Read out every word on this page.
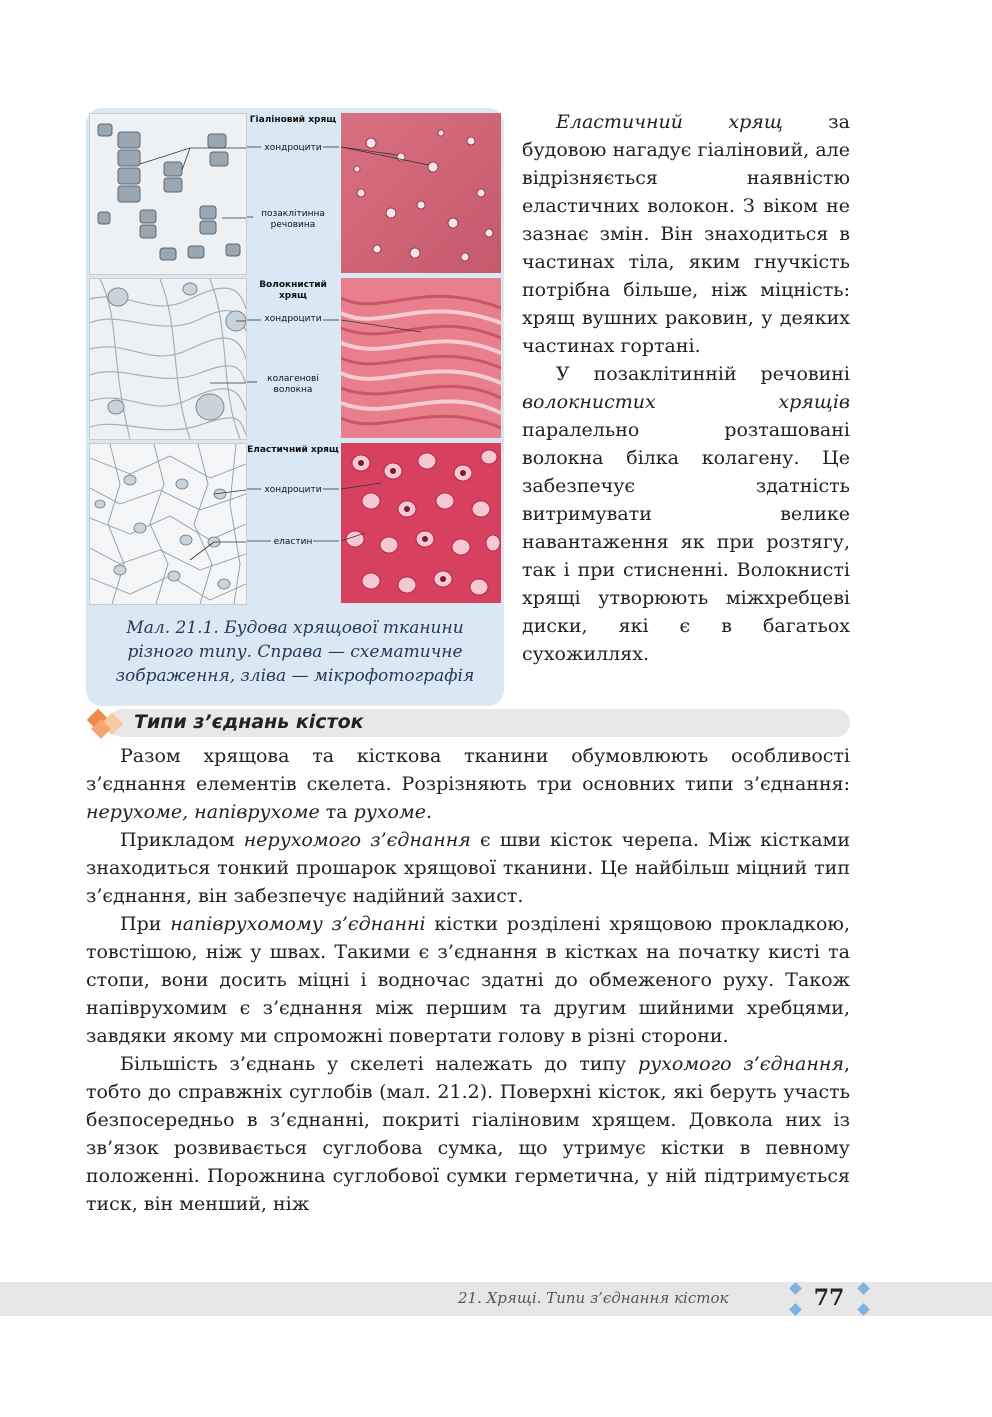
Гіаліновий хрящ
хондроцити
позаклітинна речовина
Волокнистий хрящ
хондроцити
колагенові волокна
Еластичний хрящ
хондроцити
еластин
Мал. 21.1. Будова хрящової тканини різного типу. Справа — схематичне зображення, зліва — мікрофотографія

Еластичний хрящ за будовою нагадує гіаліновий, але відрізняється наявністю еластичних волокон. З віком не зазнає змін. Він знаходиться в частинах тіла, яким гнучкість потрібна більше, ніж міцність: хрящ вушних раковин, у деяких частинах гортані.

У позаклітинній речовині волокнистих хрящів паралельно розташовані волокна білка колагену. Це забезпечує здатність витримувати велике навантаження як при розтягу, так і при стисненні. Волокнисті хрящі утворюють міжхребцеві диски, які є в багатьох сухожиллях.

Типи з’єднань кісток

Разом хрящова та кісткова тканини обумовлюють особливості з’єднання елементів скелета. Розрізняють три основних типи з’єднання: нерухоме, напіврухоме та рухоме.

Прикладом нерухомого з’єднання є шви кісток черепа. Між кістками знаходиться тонкий прошарок хрящової тканини. Це найбільш міцний тип з’єднання, він забезпечує надійний захист.

При напіврухомому з’єднанні кістки розділені хрящовою прокладкою, товстішою, ніж у швах. Такими є з’єднання в кістках на початку кисті та стопи, вони досить міцні і водночас здатні до обмеженого руху. Також напіврухомим є з’єднання між першим та другим шийними хребцями, завдяки якому ми спроможні повертати голову в різні сторони.

Більшість з’єднань у скелеті належать до типу рухомого з’єднання, тобто до справжніх суглобів (мал. 21.2). Поверхні кісток, які беруть участь безпосередньо в з’єднанні, покриті гіаліновим хрящем. Довкола них із зв’язок розвивається суглобова сумка, що утримує кістки в певному положенні. Порожнина суглобової сумки герметична, у ній підтримується тиск, він менший, ніж

21. Хрящі. Типи з’єднання кісток	77
